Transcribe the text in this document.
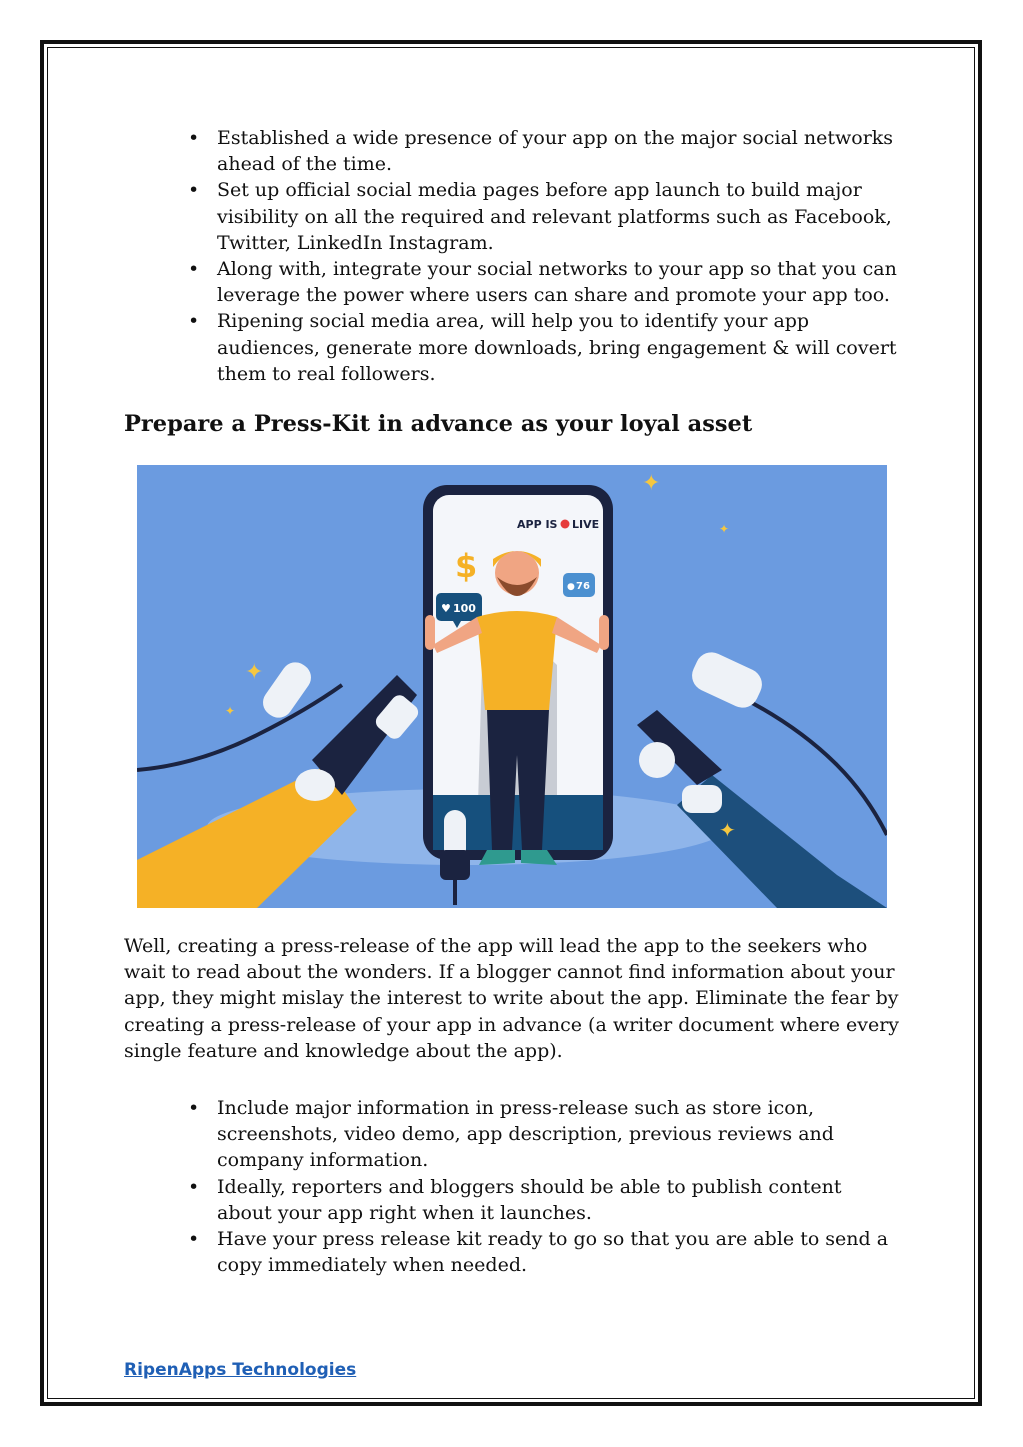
• Established a wide presence of your app on the major social networks ahead of the time.
• Set up official social media pages before app launch to build major visibility on all the required and relevant platforms such as Facebook, Twitter, LinkedIn Instagram.
• Along with, integrate your social networks to your app so that you can leverage the power where users can share and promote your app too.
• Ripening social media area, will help you to identify your app audiences, generate more downloads, bring engagement & will covert them to real followers.
Prepare a Press-Kit in advance as your loyal asset
APP IS LIVE
$
♥ 100
● 76
✦
✦
✦
✦
✦

Well, creating a press-release of the app will lead the app to the seekers who wait to read about the wonders. If a blogger cannot find information about your app, they might mislay the interest to write about the app. Eliminate the fear by creating a press-release of your app in advance (a writer document where every single feature and knowledge about the app).

• Include major information in press-release such as store icon, screenshots, video demo, app description, previous reviews and company information.
• Ideally, reporters and bloggers should be able to publish content about your app right when it launches.
• Have your press release kit ready to go so that you are able to send a copy immediately when needed.

RipenApps Technologies
